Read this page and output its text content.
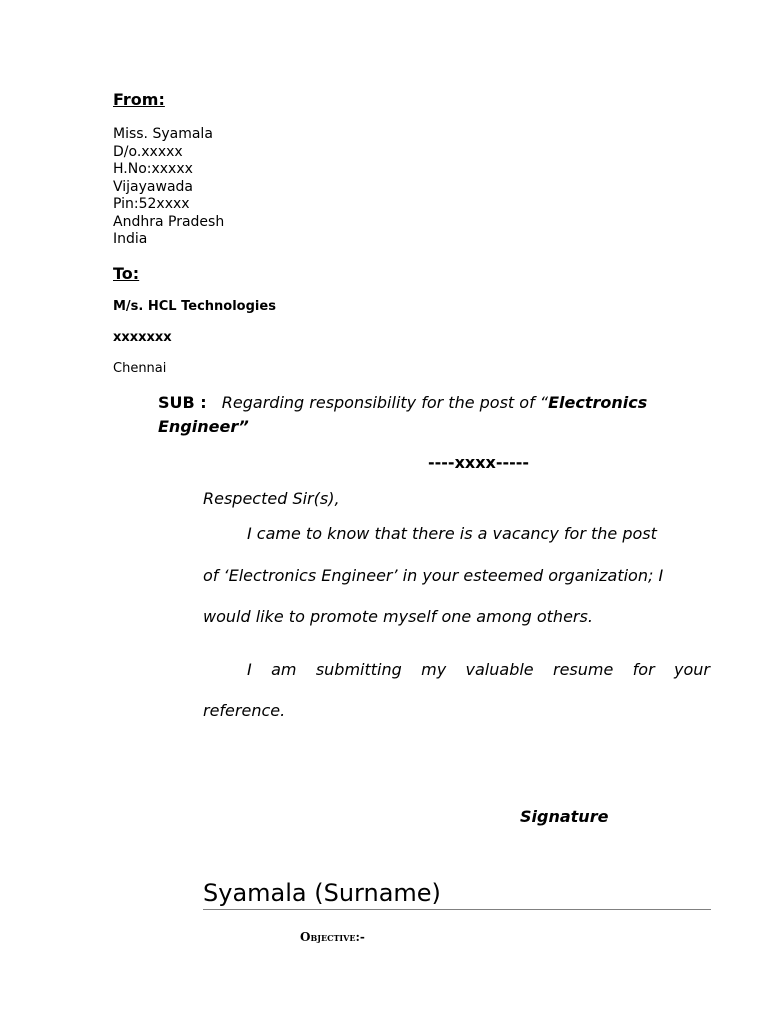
From:
Miss. Syamala
D/o.xxxxx
H.No:xxxxx
Vijayawada
Pin:52xxxx
Andhra Pradesh
India
To:
M/s. HCL Technologies
xxxxxxx
Chennai
SUB : Regarding responsibility for the post of “Electronics Engineer”
----xxxx-----
Respected Sir(s),
I came to know that there is a vacancy for the post
of ‘Electronics Engineer’ in your esteemed organization; I
would like to promote myself one among others.
I am submitting my valuable resume for your
reference.
Signature
Syamala (Surname)
Objective:-
